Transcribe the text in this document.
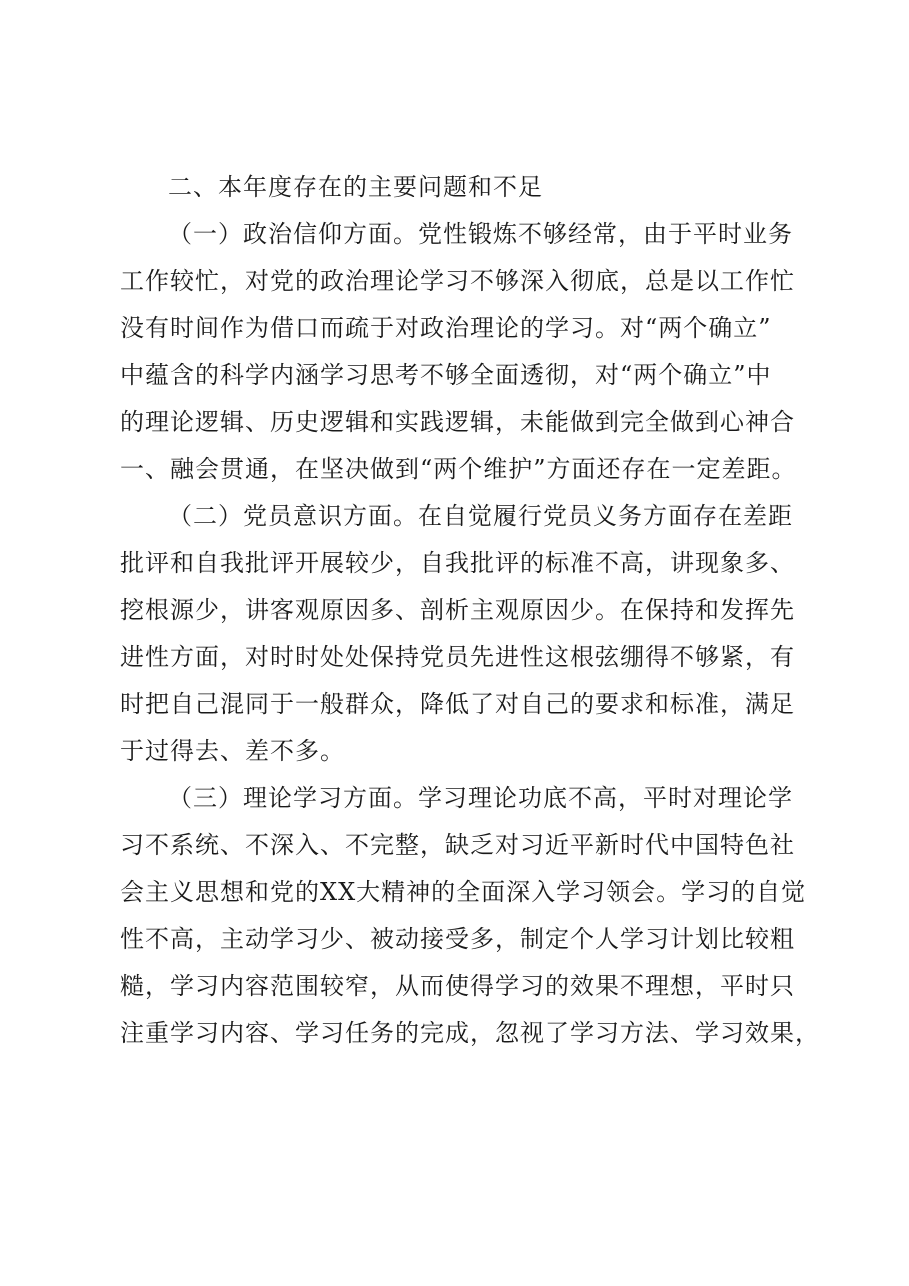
二、本年度存在的主要问题和不足

（一）政治信仰方面。党性锻炼不够经常，由于平时业务
工作较忙，对党的政治理论学习不够深入彻底，总是以工作忙
没有时间作为借口而疏于对政治理论的学习。对“两个确立”
中蕴含的科学内涵学习思考不够全面透彻，对“两个确立”中
的理论逻辑、历史逻辑和实践逻辑，未能做到完全做到心神合
一、融会贯通，在坚决做到“两个维护”方面还存在一定差距。

（二）党员意识方面。在自觉履行党员义务方面存在差距
批评和自我批评开展较少，自我批评的标准不高，讲现象多、
挖根源少，讲客观原因多、剖析主观原因少。在保持和发挥先
进性方面，对时时处处保持党员先进性这根弦绷得不够紧，有
时把自己混同于一般群众，降低了对自己的要求和标准，满足
于过得去、差不多。

（三）理论学习方面。学习理论功底不高，平时对理论学
习不系统、不深入、不完整，缺乏对习近平新时代中国特色社
会主义思想和党的XX大精神的全面深入学习领会。学习的自觉
性不高，主动学习少、被动接受多，制定个人学习计划比较粗
糙，学习内容范围较窄，从而使得学习的效果不理想，平时只
注重学习内容、学习任务的完成，忽视了学习方法、学习效果，
